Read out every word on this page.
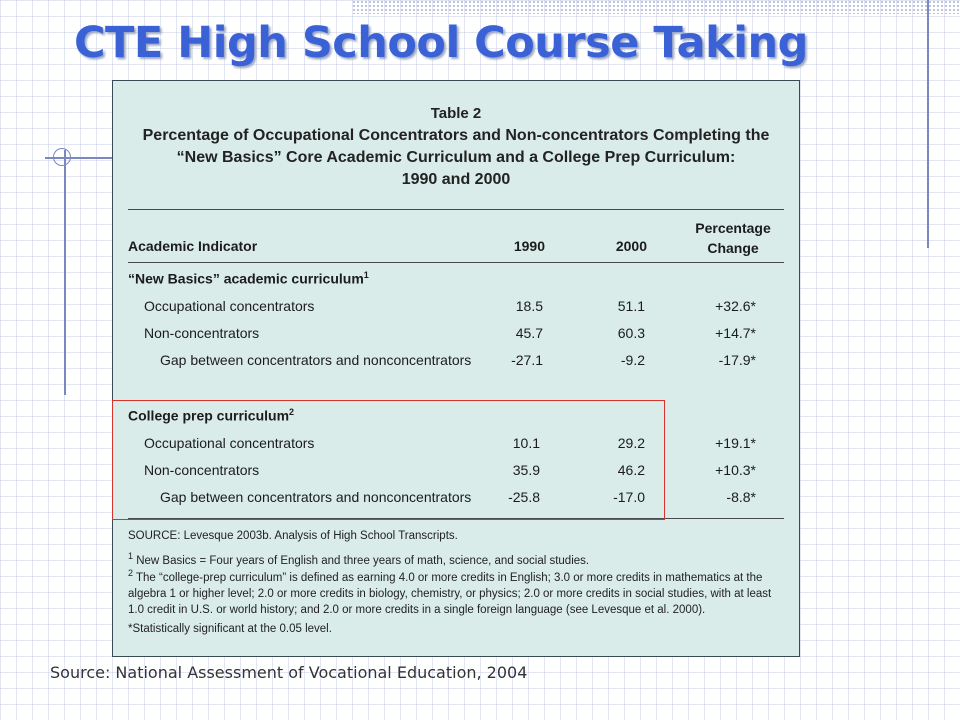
CTE High School Course Taking
Table 2
Percentage of Occupational Concentrators and Non-concentrators Completing the
“New Basics” Core Academic Curriculum and a College Prep Curriculum:
1990 and 2000
Academic Indicator	1990	2000
Percentage
Change
“New Basics” academic curriculum$^1$
Occupational concentrators	18.5	51.1	+32.6*
Non-concentrators	45.7	60.3	+14.7*
Gap between concentrators and nonconcentrators	-27.1	-9.2	-17.9*
College prep curriculum$^2$
Occupational concentrators	10.1	29.2	+19.1*
Non-concentrators	35.9	46.2	+10.3*
Gap between concentrators and nonconcentrators	-25.8	-17.0	-8.8*
SOURCE: Levesque 2003b. Analysis of High School Transcripts.
$^1$ New Basics = Four years of English and three years of math, science, and social studies.
$^2$ The “college-prep curriculum” is defined as earning 4.0 or more credits in English; 3.0 or more credits in mathematics at the algebra 1 or higher level; 2.0 or more credits in biology, chemistry, or physics; 2.0 or more credits in social studies, with at least 1.0 credit in U.S. or world history; and 2.0 or more credits in a single foreign language (see Levesque et al. 2000).
*Statistically significant at the 0.05 level.
Source: National Assessment of Vocational Education, 2004
